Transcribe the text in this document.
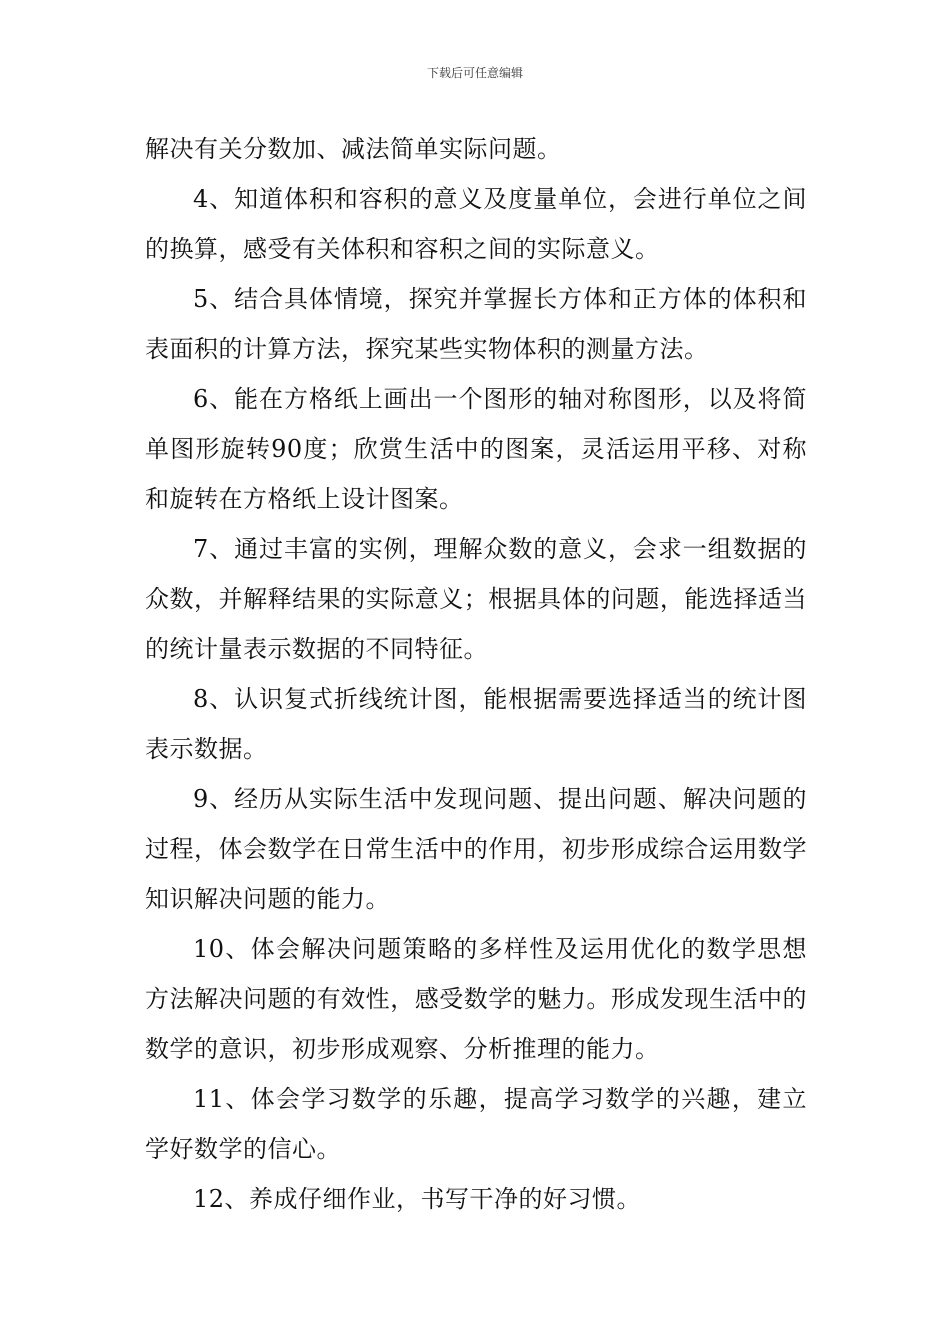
下载后可任意编辑

解决有关分数加、减法简单实际问题。

4、知道体积和容积的意义及度量单位，会进行单位之间的换算，感受有关体积和容积之间的实际意义。

5、结合具体情境，探究并掌握长方体和正方体的体积和表面积的计算方法，探究某些实物体积的测量方法。

6、能在方格纸上画出一个图形的轴对称图形，以及将简单图形旋转90度；欣赏生活中的图案，灵活运用平移、对称和旋转在方格纸上设计图案。

7、通过丰富的实例，理解众数的意义，会求一组数据的众数，并解释结果的实际意义；根据具体的问题，能选择适当的统计量表示数据的不同特征。

8、认识复式折线统计图，能根据需要选择适当的统计图表示数据。

9、经历从实际生活中发现问题、提出问题、解决问题的过程，体会数学在日常生活中的作用，初步形成综合运用数学知识解决问题的能力。

10、体会解决问题策略的多样性及运用优化的数学思想方法解决问题的有效性，感受数学的魅力。形成发现生活中的数学的意识，初步形成观察、分析推理的能力。

11、体会学习数学的乐趣，提高学习数学的兴趣，建立学好数学的信心。

12、养成仔细作业，书写干净的好习惯。
